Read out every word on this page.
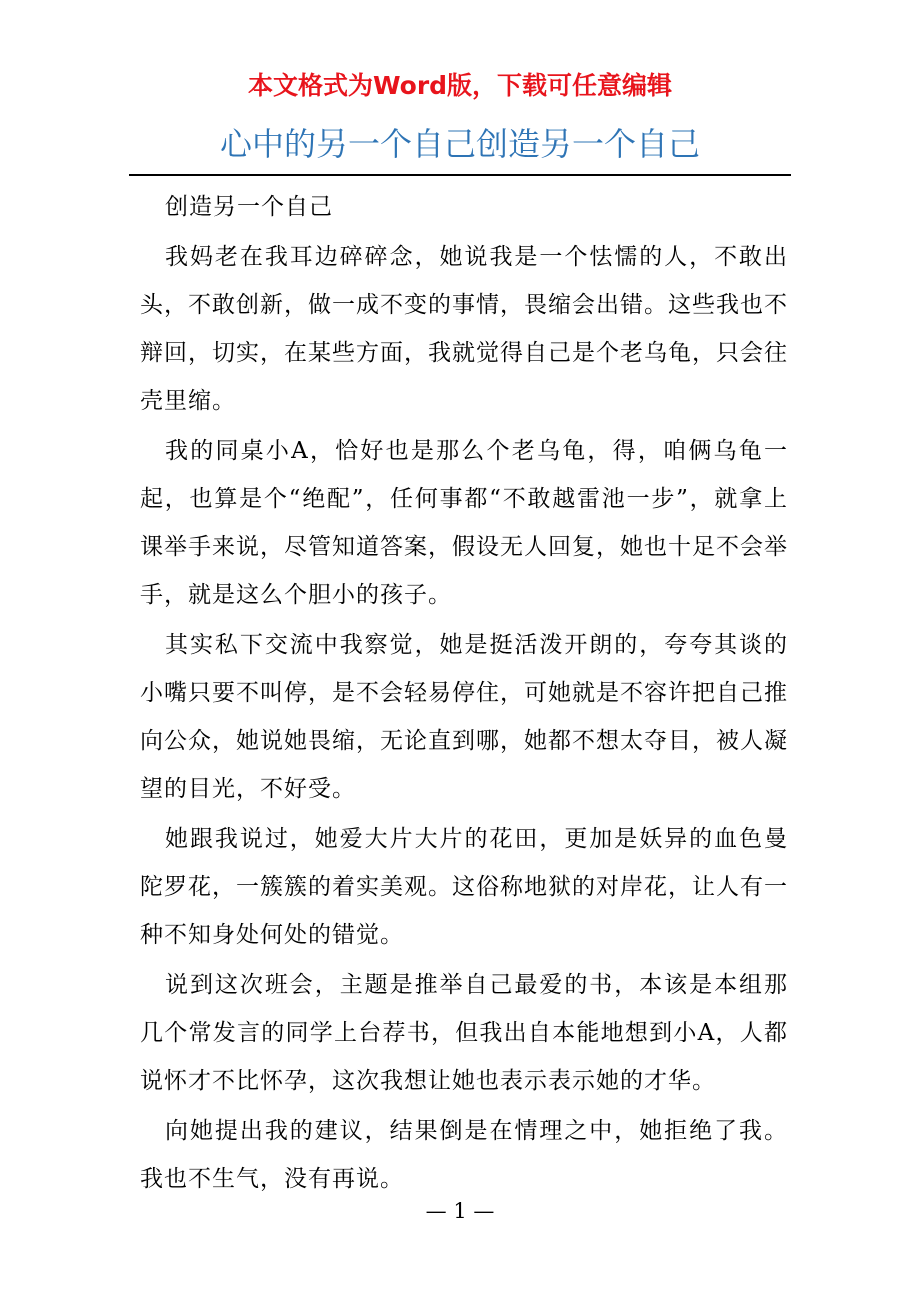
本文格式为Word版，下载可任意编辑
心中的另一个自己创造另一个自己

创造另一个自己

我妈老在我耳边碎碎念，她说我是一个怯懦的人，不敢出头，不敢创新，做一成不变的事情，畏缩会出错。这些我也不辩回，切实，在某些方面，我就觉得自己是个老乌龟，只会往壳里缩。

我的同桌小A，恰好也是那么个老乌龟，得，咱俩乌龟一起，也算是个“绝配”，任何事都“不敢越雷池一步”，就拿上课举手来说，尽管知道答案，假设无人回复，她也十足不会举手，就是这么个胆小的孩子。

其实私下交流中我察觉，她是挺活泼开朗的，夸夸其谈的小嘴只要不叫停，是不会轻易停住，可她就是不容许把自己推向公众，她说她畏缩，无论直到哪，她都不想太夺目，被人凝望的目光，不好受。

她跟我说过，她爱大片大片的花田，更加是妖异的血色曼陀罗花，一簇簇的着实美观。这俗称地狱的对岸花，让人有一种不知身处何处的错觉。

说到这次班会，主题是推举自己最爱的书，本该是本组那几个常发言的同学上台荐书，但我出自本能地想到小A，人都说怀才不比怀孕，这次我想让她也表示表示她的才华。

向她提出我的建议，结果倒是在情理之中，她拒绝了我。我也不生气，没有再说。

— 1 —
